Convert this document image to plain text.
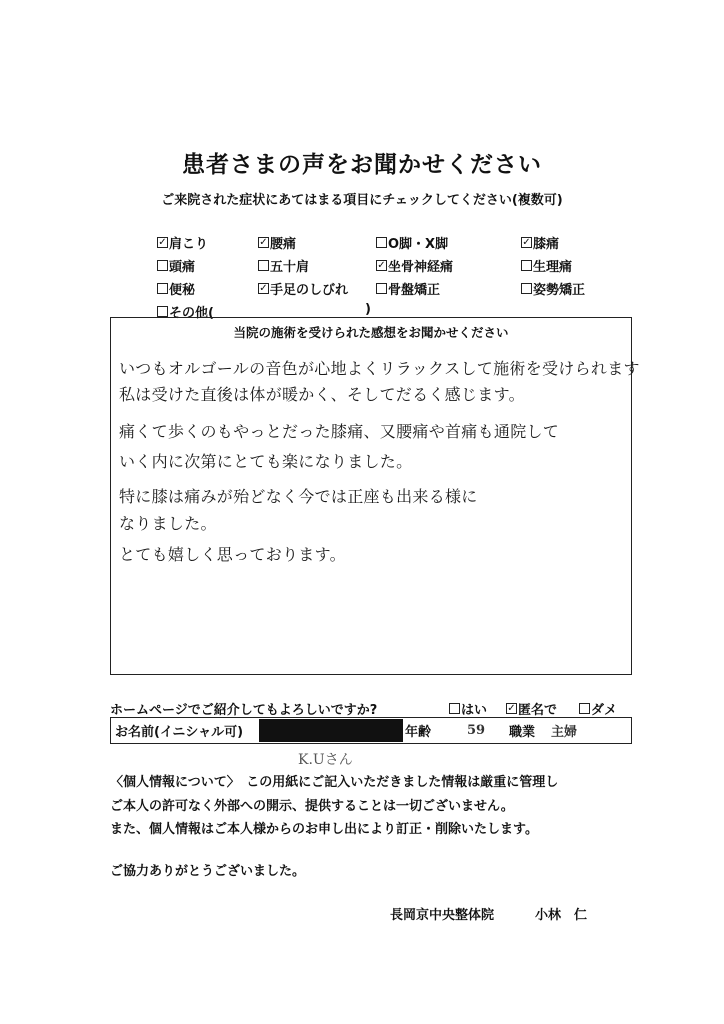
患者さまの声をお聞かせください
ご来院された症状にあてはまる項目にチェックしてください(複数可)
✓ 肩こり	✓ 腰痛	O脚・X脚	✓ 膝痛
頭痛	五十肩	✓ 坐骨神経痛	生理痛
便秘	✓ 手足のしびれ	骨盤矯正	姿勢矯正
その他(	)
当院の施術を受けられた感想をお聞かせください
いつもオルゴールの音色が心地よくリラックスして施術を受けられます
私は受けた直後は体が暖かく、そしてだるく感じます。
痛くて歩くのもやっとだった膝痛、又腰痛や首痛も通院して
いく内に次第にとても楽になりました。
特に膝は痛みが殆どなく今では正座も出来る様に
なりました。
とても嬉しく思っております。
ホームページでご紹介してもよろしいですか?	はい ✓ 匿名で	ダメ
お名前(イニシャル可)	年齢	59 職業 主婦
K.Uさん
〈個人情報について〉　この用紙にご記入いただきました情報は厳重に管理し
ご本人の許可なく外部への開示、提供することは一切ございません。
また、個人情報はご本人様からのお申し出により訂正・削除いたします。
ご協力ありがとうございました。
長岡京中央整体院	小林　仁
